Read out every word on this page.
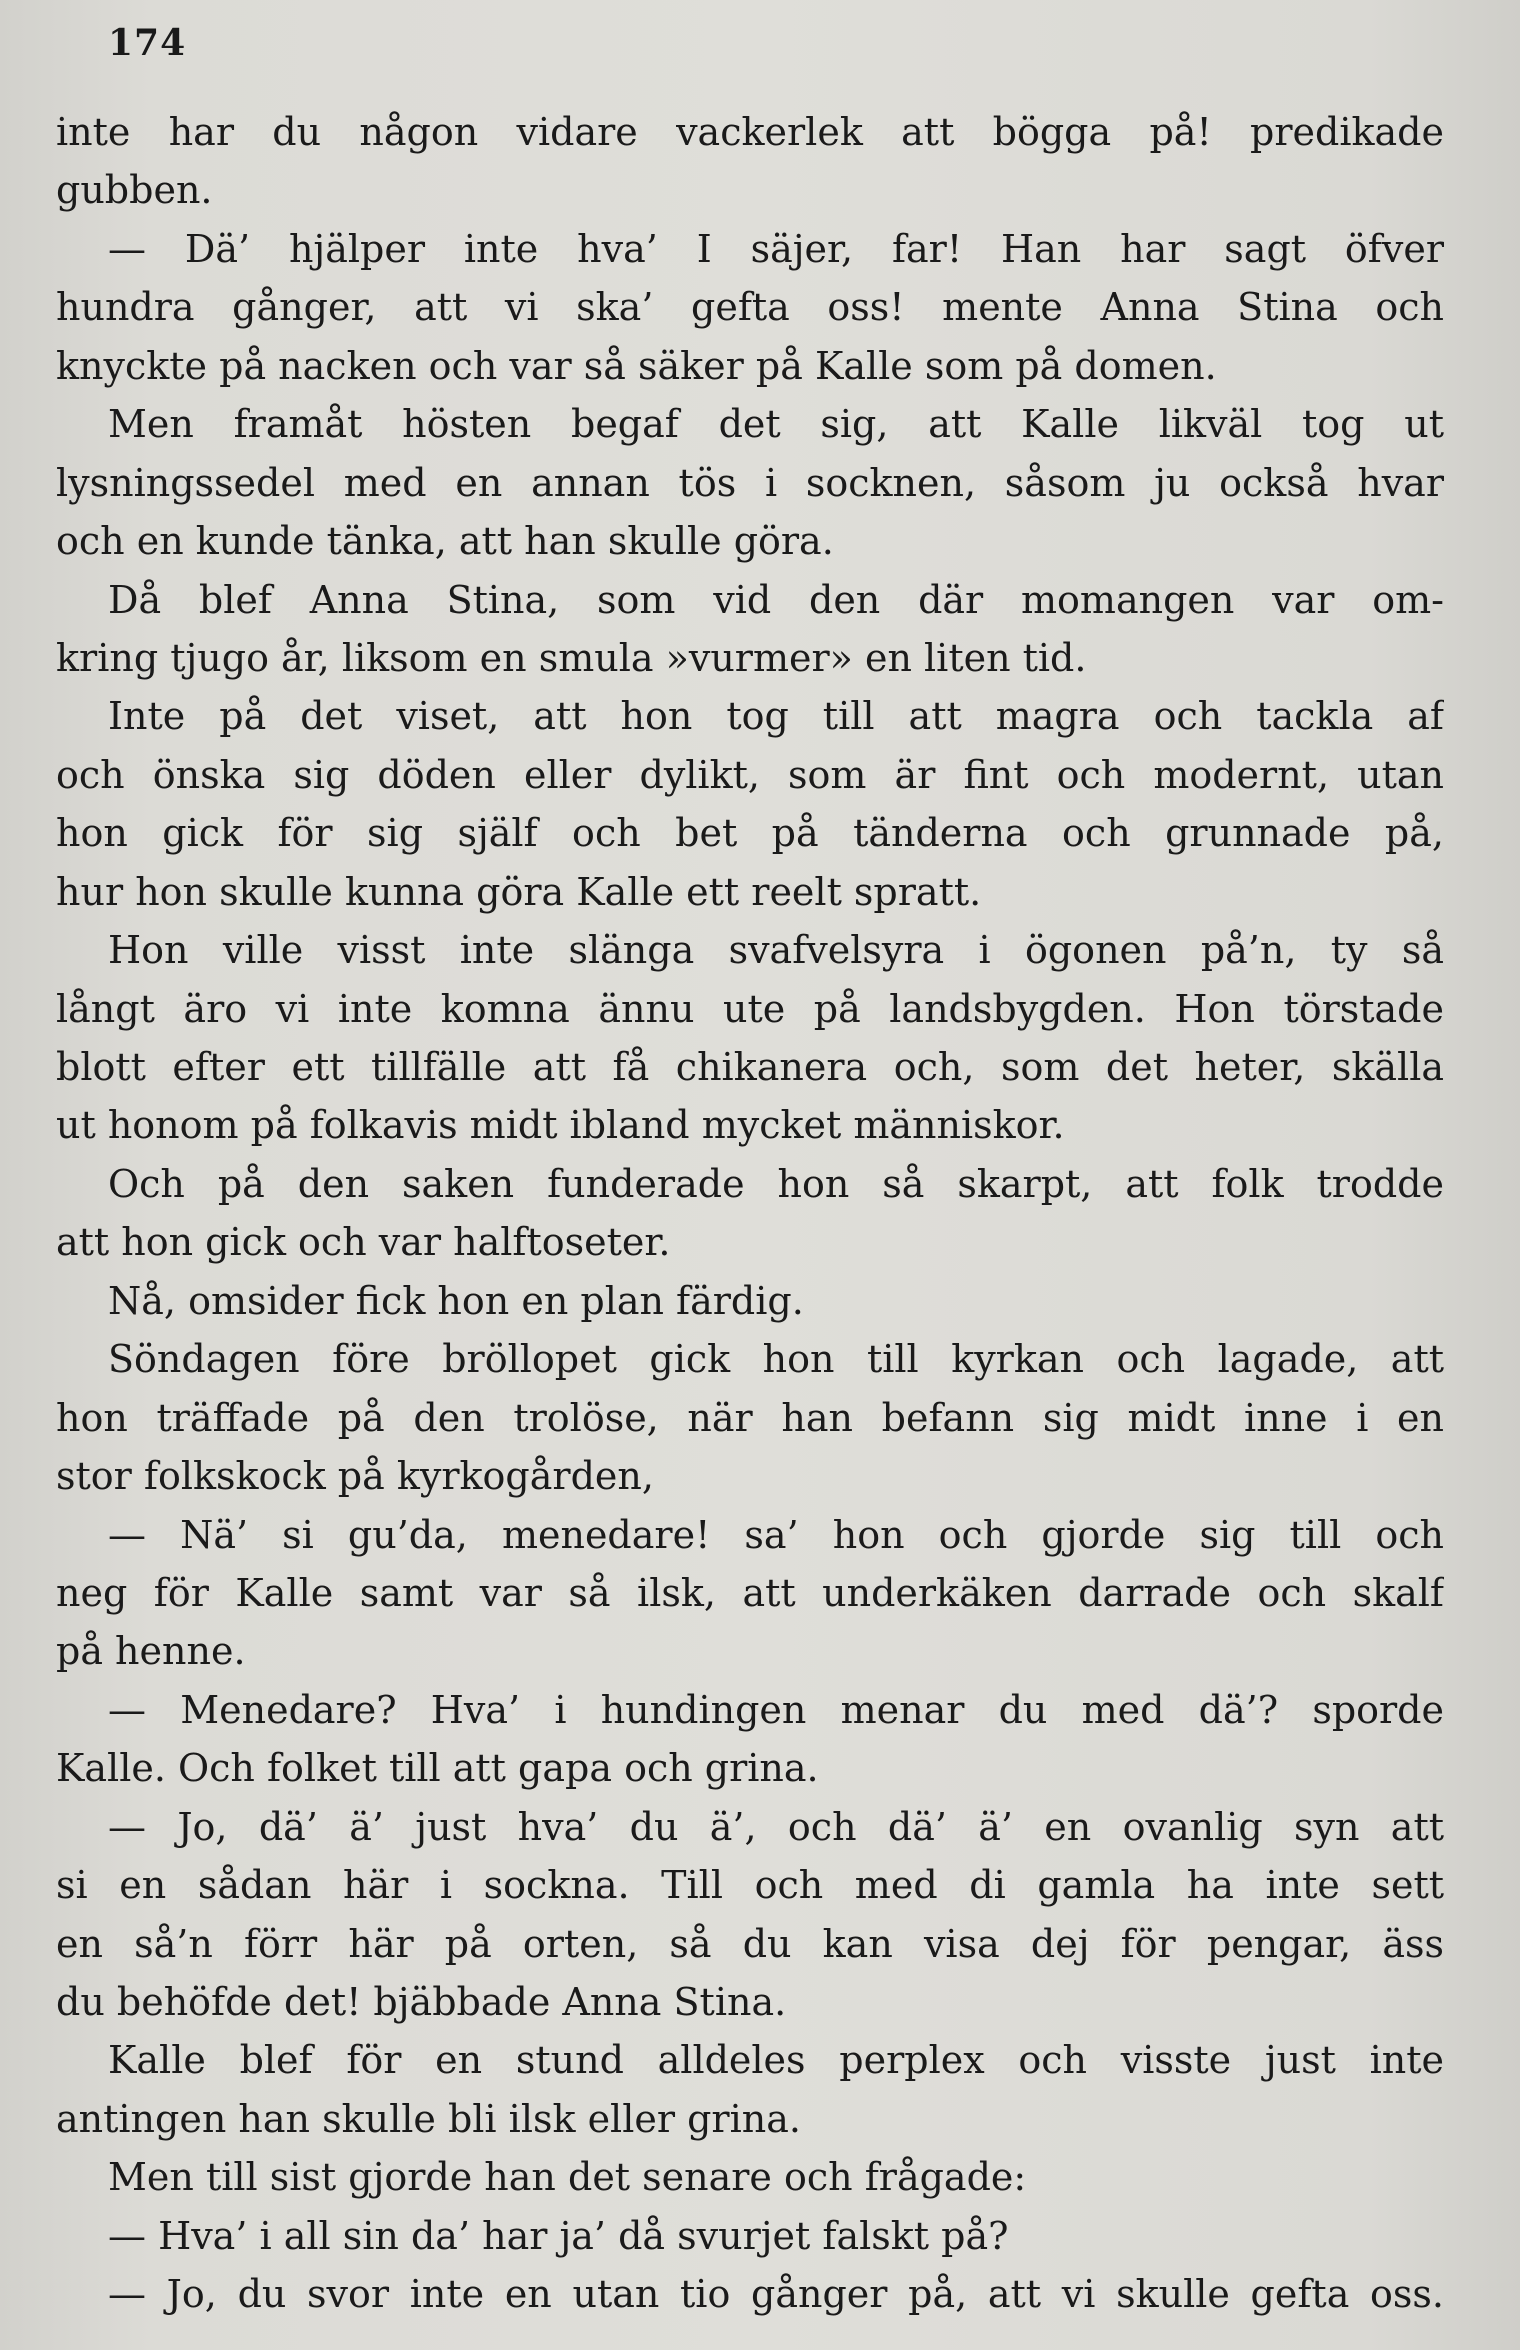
174
inte har du någon vidare vackerlek att bögga på! predikade
gubben.
— Dä’ hjälper inte hva’ I säjer, far! Han har sagt öfver
hundra gånger, att vi ska’ gefta oss! mente Anna Stina och
knyckte på nacken och var så säker på Kalle som på domen.
Men framåt hösten begaf det sig, att Kalle likväl tog ut
lysningssedel med en annan tös i socknen, såsom ju också hvar
och en kunde tänka, att han skulle göra.
Då blef Anna Stina, som vid den där momangen var om-
kring tjugo år, liksom en smula »vurmer» en liten tid.
Inte på det viset, att hon tog till att magra och tackla af
och önska sig döden eller dylikt, som är fint och modernt, utan
hon gick för sig själf och bet på tänderna och grunnade på,
hur hon skulle kunna göra Kalle ett reelt spratt.
Hon ville visst inte slänga svafvelsyra i ögonen på’n, ty så
långt äro vi inte komna ännu ute på landsbygden. Hon törstade
blott efter ett tillfälle att få chikanera och, som det heter, skälla
ut honom på folkavis midt ibland mycket människor.
Och på den saken funderade hon så skarpt, att folk trodde
att hon gick och var halftoseter.
Nå, omsider fick hon en plan färdig.
Söndagen före bröllopet gick hon till kyrkan och lagade, att
hon träffade på den trolöse, när han befann sig midt inne i en
stor folkskock på kyrkogården,
— Nä’ si gu’da, menedare! sa’ hon och gjorde sig till och
neg för Kalle samt var så ilsk, att underkäken darrade och skalf
på henne.
— Menedare? Hva’ i hundingen menar du med dä’? sporde
Kalle. Och folket till att gapa och grina.
— Jo, dä’ ä’ just hva’ du ä’, och dä’ ä’ en ovanlig syn att
si en sådan här i sockna. Till och med di gamla ha inte sett
en så’n förr här på orten, så du kan visa dej för pengar, äss
du behöfde det! bjäbbade Anna Stina.
Kalle blef för en stund alldeles perplex och visste just inte
antingen han skulle bli ilsk eller grina.
Men till sist gjorde han det senare och frågade:
— Hva’ i all sin da’ har ja’ då svurjet falskt på?
— Jo, du svor inte en utan tio gånger på, att vi skulle gefta oss.
